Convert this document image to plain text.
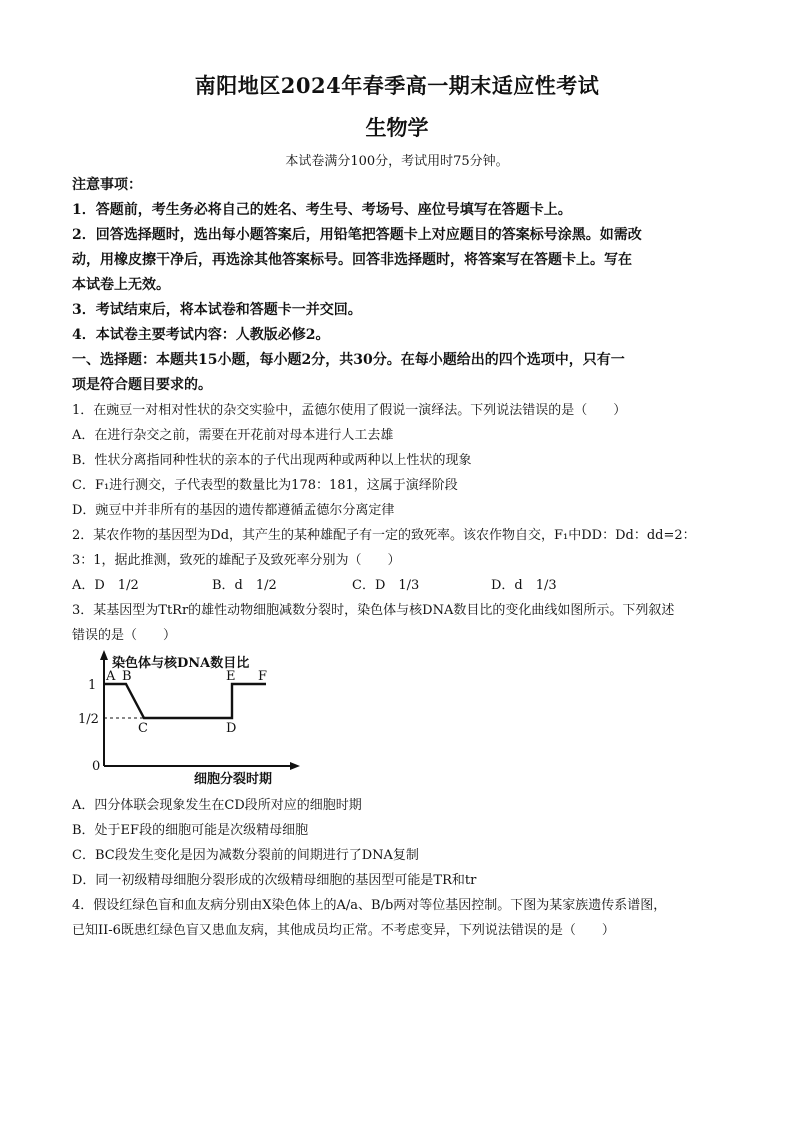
南阳地区2024年春季高一期末适应性考试
生物学
本试卷满分100分，考试用时75分钟。
注意事项：
1．答题前，考生务必将自己的姓名、考生号、考场号、座位号填写在答题卡上。
2．回答选择题时，选出每小题答案后，用铅笔把答题卡上对应题目的答案标号涂黑。如需改
动，用橡皮擦干净后，再选涂其他答案标号。回答非选择题时，将答案写在答题卡上。写在
本试卷上无效。
3．考试结束后，将本试卷和答题卡一并交回。
4．本试卷主要考试内容：人教版必修2。
一、选择题：本题共15小题，每小题2分，共30分。在每小题给出的四个选项中，只有一
项是符合题目要求的。
1．在豌豆一对相对性状的杂交实验中，孟德尔使用了假说一演绎法。下列说法错误的是（　　）
A．在进行杂交之前，需要在开花前对母本进行人工去雄
B．性状分离指同种性状的亲本的子代出现两种或两种以上性状的现象
C．F₁进行测交，子代表型的数量比为178：181，这属于演绎阶段
D．豌豆中并非所有的基因的遗传都遵循孟德尔分离定律
2．某农作物的基因型为Dd，其产生的某种雄配子有一定的致死率。该农作物自交，F₁中DD：Dd：dd=2：
3：1，据此推测，致死的雄配子及致死率分别为（　　）
A．D　1/2	B．d　1/2	C．D　1/3	D．d　1/3
3．某基因型为TtRr的雄性动物细胞减数分裂时，染色体与核DNA数目比的变化曲线如图所示。下列叙述
错误的是（　　）
染色体与核DNA数目比
1
1/2
0
A B
C	D
E F
细胞分裂时期
A．四分体联会现象发生在CD段所对应的细胞时期
B．处于EF段的细胞可能是次级精母细胞
C．BC段发生变化是因为减数分裂前的间期进行了DNA复制
D．同一初级精母细胞分裂形成的次级精母细胞的基因型可能是TR和tr
4．假设红绿色盲和血友病分别由X染色体上的A/a、B/b两对等位基因控制。下图为某家族遗传系谱图，
已知II-6既患红绿色盲又患血友病，其他成员均正常。不考虑变异，下列说法错误的是（　　）
